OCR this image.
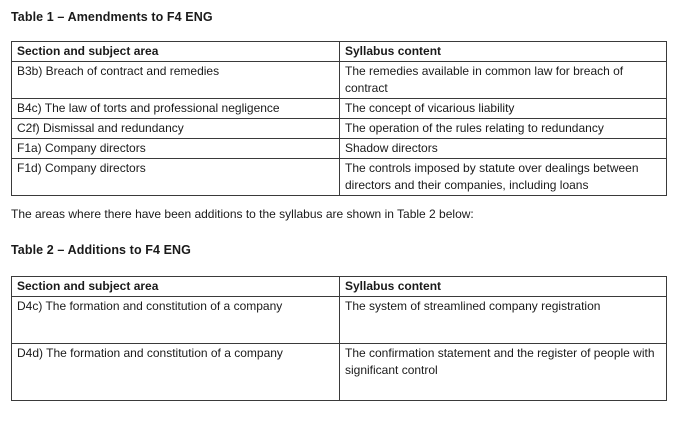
Table 1 – Amendments to F4 ENG
Section and subject area	Syllabus content
B3b) Breach of contract and remedies	The remedies available in common law for breach of contract
B4c) The law of torts and professional negligence	The concept of vicarious liability
C2f) Dismissal and redundancy	The operation of the rules relating to redundancy
F1a) Company directors	Shadow directors
F1d) Company directors	The controls imposed by statute over dealings between directors and their companies, including loans
The areas where there have been additions to the syllabus are shown in Table 2 below:
Table 2 – Additions to F4 ENG
Section and subject area	Syllabus content
D4c) The formation and constitution of a company	The system of streamlined company registration
D4d) The formation and constitution of a company	The confirmation statement and the register of people with significant control
